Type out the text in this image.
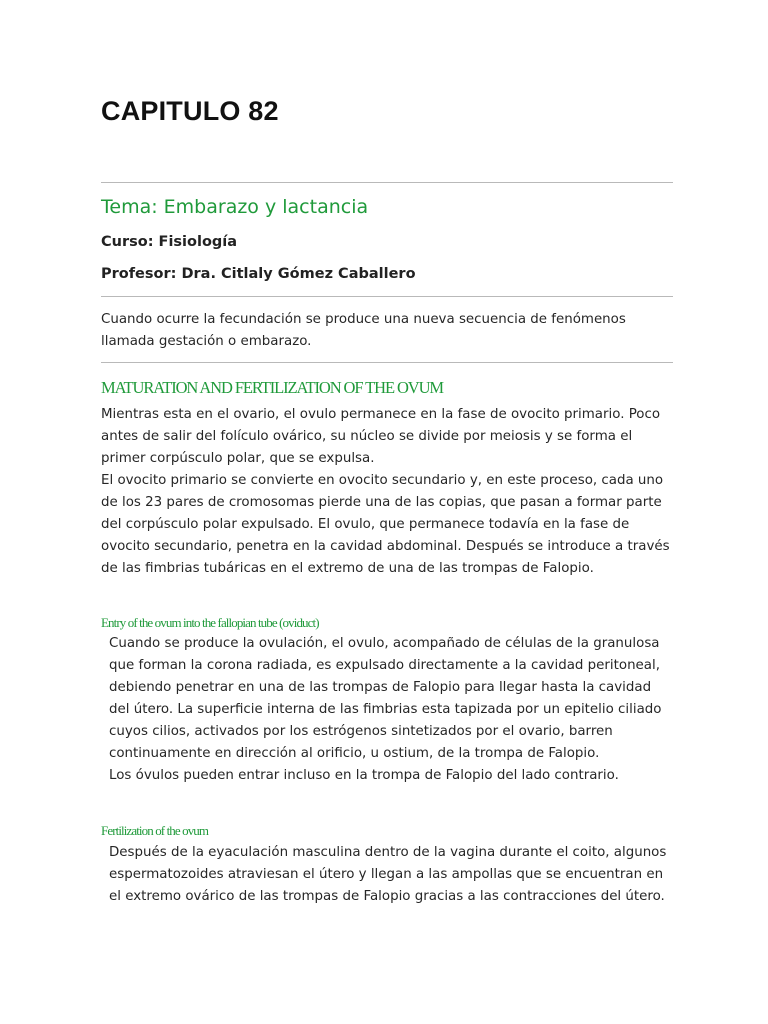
CAPITULO 82
Tema: Embarazo y lactancia

Curso: Fisiología

Profesor: Dra. Citlaly Gómez Caballero

Cuando ocurre la fecundación se produce una nueva secuencia de fenómenos llamada gestación o embarazo.

MATURATION AND FERTILIZATION OF THE OVUM
Mientras esta en el ovario, el ovulo permanece en la fase de ovocito primario. Poco antes de salir del folículo ovárico, su núcleo se divide por meiosis y se forma el primer corpúsculo polar, que se expulsa.
El ovocito primario se convierte en ovocito secundario y, en este proceso, cada uno de los 23 pares de cromosomas pierde una de las copias, que pasan a formar parte del corpúsculo polar expulsado. El ovulo, que permanece todavía en la fase de ovocito secundario, penetra en la cavidad abdominal. Después se introduce a través de las fimbrias tubáricas en el extremo de una de las trompas de Falopio.
Entry of the ovum into the fallopian tube (oviduct)
Cuando se produce la ovulación, el ovulo, acompañado de células de la granulosa que forman la corona radiada, es expulsado directamente a la cavidad peritoneal, debiendo penetrar en una de las trompas de Falopio para llegar hasta la cavidad del útero. La superficie interna de las fimbrias esta tapizada por un epitelio ciliado cuyos cilios, activados por los estrógenos sintetizados por el ovario, barren continuamente en dirección al orificio, u ostium, de la trompa de Falopio.
Los óvulos pueden entrar incluso en la trompa de Falopio del lado contrario.
Fertilization of the ovum
Después de la eyaculación masculina dentro de la vagina durante el coito, algunos espermatozoides atraviesan el útero y llegan a las ampollas que se encuentran en el extremo ovárico de las trompas de Falopio gracias a las contracciones del útero.
